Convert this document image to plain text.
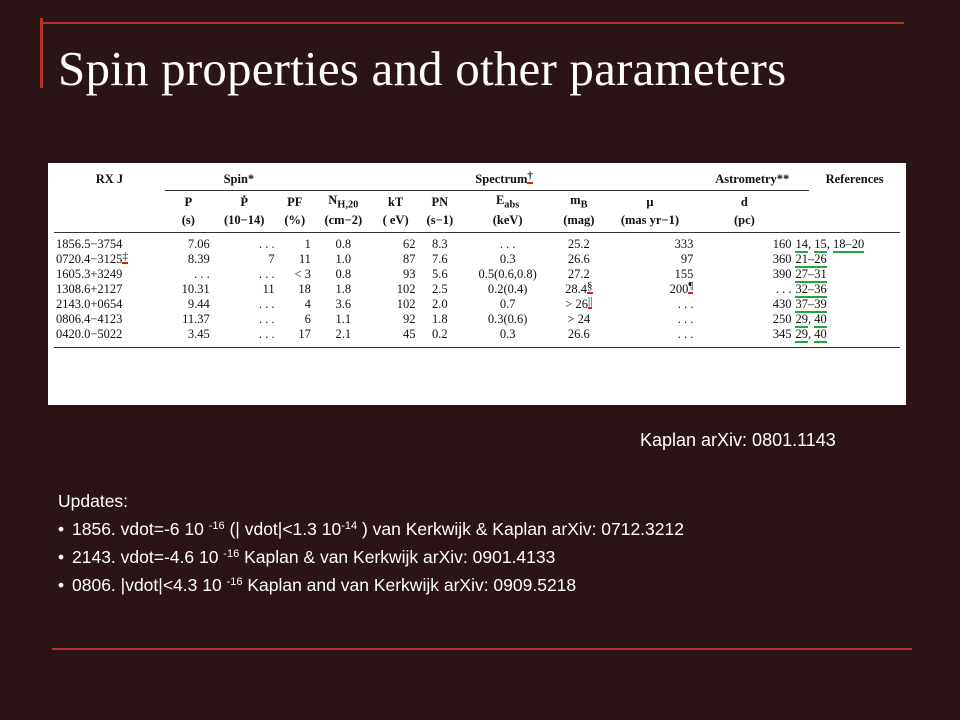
Spin properties and other parameters
RX J	Spin*			Spectrum†						Astrometry**		References
	P	Ṗ	PF	$N_{H,20}$	kT	PN	$E_{abs}$	$m_B$	μ	d		
	(s)	(10−14)	(%)	(cm−2)	( eV)	(s−1)	(keV)	(mag)	(mas yr−1)	(pc)		
1856.5−3754	7.06	. . .	1	0.8	62	8.3	. . .	25.2	333	160	14, 15, 18–20	
0720.4−3125‡	8.39	7	11	1.0	87	7.6	0.3	26.6	97	360	21–26	
1605.3+3249	. . .	. . .	< 3	0.8	93	5.6	0.5(0.6,0.8)	27.2	155	390	27–31	
1308.6+2127	10.31	11	18	1.8	102	2.5	0.2(0.4)	28.4§	200¶	. . .	32–36	
2143.0+0654	9.44	. . .	4	3.6	102	2.0	0.7	> 26||	. . .	430	37–39	
0806.4−4123	11.37	. . .	6	1.1	92	1.8	0.3(0.6)	> 24	. . .	250	29, 40	
0420.0−5022	3.45	. . .	17	2.1	45	0.2	0.3	26.6	. . .	345	29, 40	
Kaplan arXiv: 0801.1143
Updates:
• 1856. vdot=-6 10 $^{-16}$ (| vdot|<1.3 $10^{-14}$ ) van Kerkwijk & Kaplan arXiv: 0712.3212
• 2143. vdot=-4.6 10 $^{-16}$ Kaplan & van Kerkwijk arXiv: 0901.4133
• 0806. |vdot|<4.3 10 $^{-16}$ Kaplan and van Kerkwijk arXiv: 0909.5218
